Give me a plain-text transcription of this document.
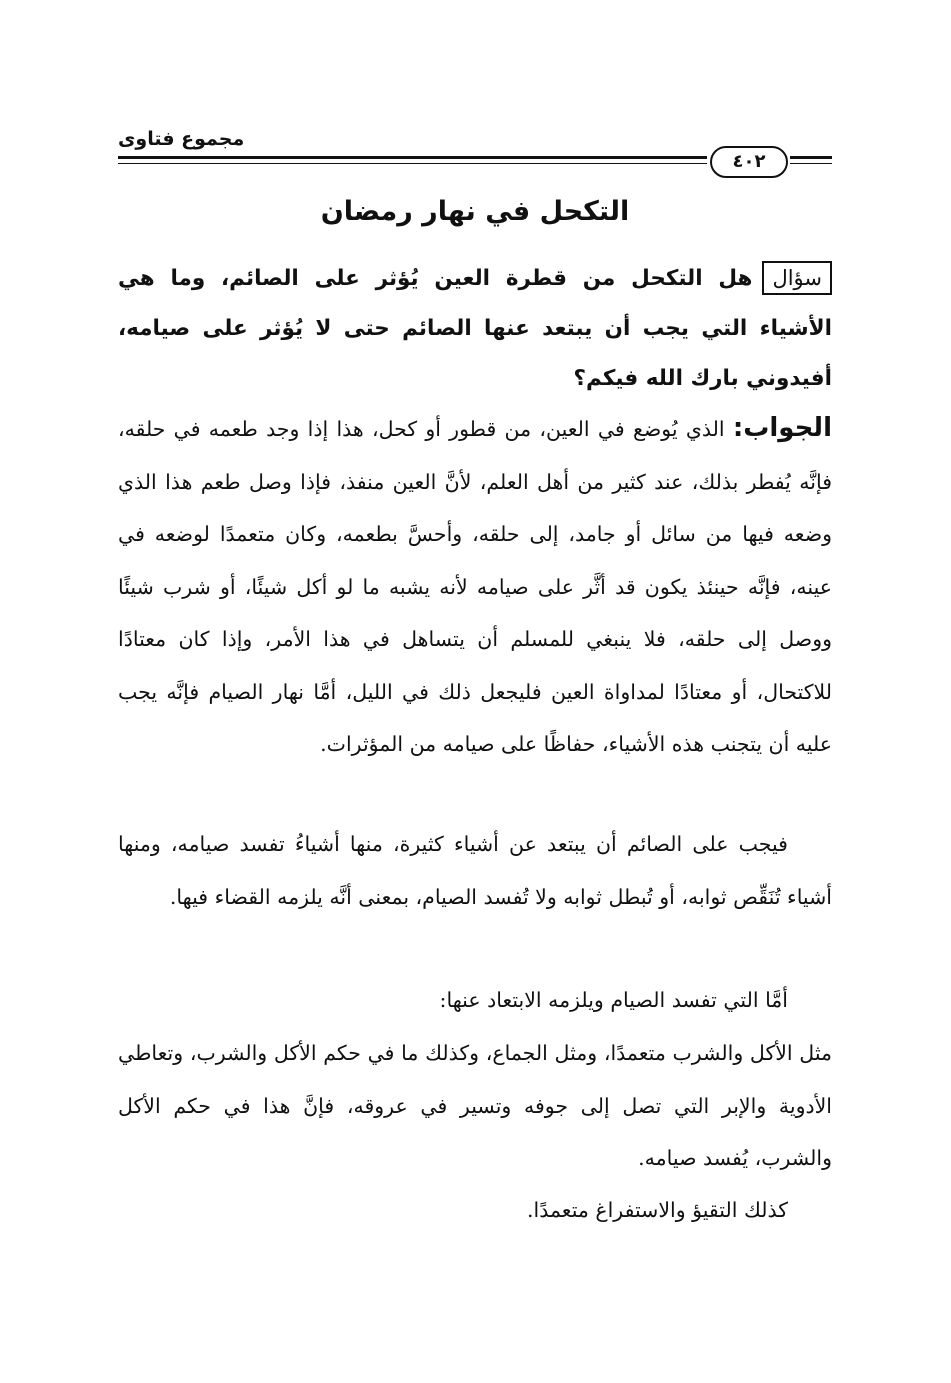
مجموع فتاوى
٤٠٢
التكحل في نهار رمضان
سؤالهل التكحل من قطرة العين يُؤثر على الصائم، وما هي الأشياء التي يجب أن يبتعد عنها الصائم حتى لا يُؤثر على صيامه، أفيدوني بارك الله فيكم؟
الجواب: الذي يُوضع في العين، من قطور أو كحل، هذا إذا وجد طعمه في حلقه، فإنَّه يُفطر بذلك، عند كثير من أهل العلم، لأنَّ العين منفذ، فإذا وصل طعم هذا الذي وضعه فيها من سائل أو جامد، إلى حلقه، وأحسَّ بطعمه، وكان متعمدًا لوضعه في عينه، فإنَّه حينئذ يكون قد أثَّر على صيامه لأنه يشبه ما لو أكل شيئًا، أو شرب شيئًا ووصل إلى حلقه، فلا ينبغي للمسلم أن يتساهل في هذا الأمر، وإذا كان معتادًا للاكتحال، أو معتادًا لمداواة العين فليجعل ذلك في الليل، أمَّا نهار الصيام فإنَّه يجب عليه أن يتجنب هذه الأشياء، حفاظًا على صيامه من المؤثرات.
فيجب على الصائم أن يبتعد عن أشياء كثيرة، منها أشياءُ تفسد صيامه، ومنها أشياء تُنَقِّص ثوابه، أو تُبطل ثوابه ولا تُفسد الصيام، بمعنى أنَّه يلزمه القضاء فيها.
أمَّا التي تفسد الصيام ويلزمه الابتعاد عنها:
مثل الأكل والشرب متعمدًا، ومثل الجماع، وكذلك ما في حكم الأكل والشرب، وتعاطي الأدوية والإبر التي تصل إلى جوفه وتسير في عروقه، فإنَّ هذا في حكم الأكل والشرب، يُفسد صيامه.
كذلك التقيؤ والاستفراغ متعمدًا.
